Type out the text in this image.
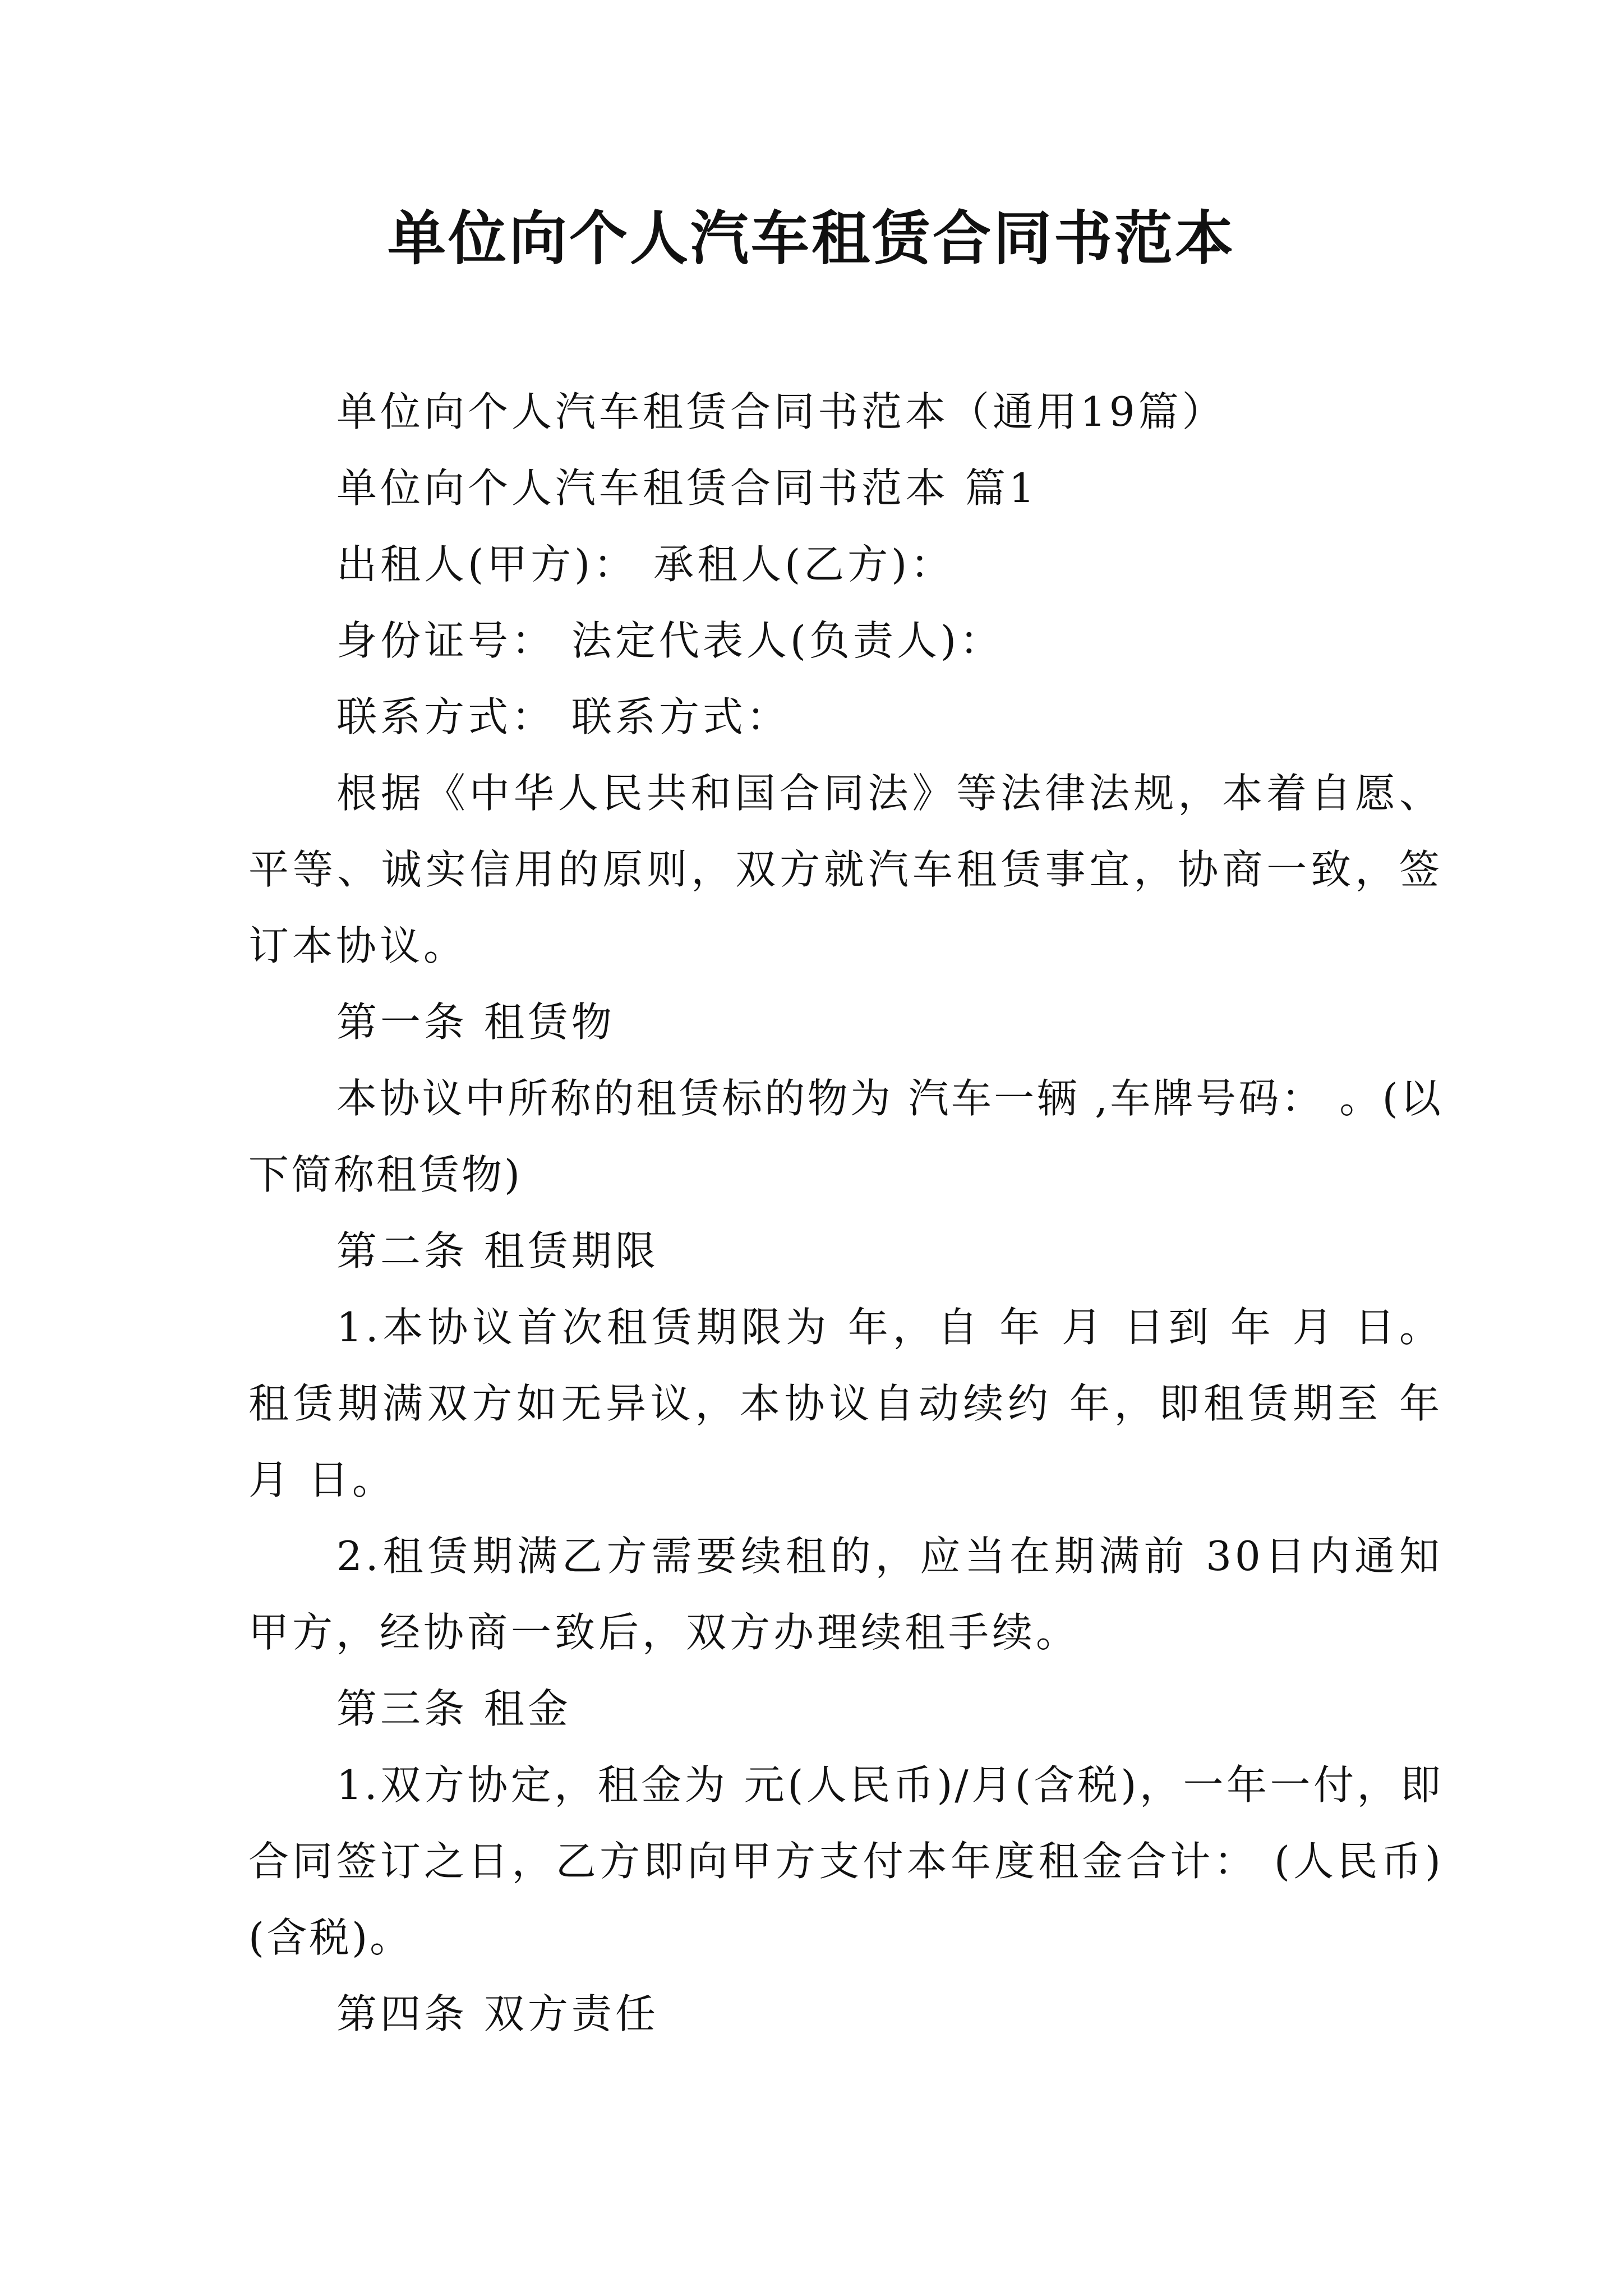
单位向个人汽车租赁合同书范本

单位向个人汽车租赁合同书范本（通用19篇）

单位向个人汽车租赁合同书范本 篇1

出租人(甲方)： 承租人(乙方)：

身份证号： 法定代表人(负责人)：

联系方式： 联系方式：

根据《中华人民共和国合同法》等法律法规，本着自愿、平等、诚实信用的原则，双方就汽车租赁事宜，协商一致，签订本协议。

第一条 租赁物

本协议中所称的租赁标的物为 汽车一辆 ,车牌号码： 。(以下简称租赁物)

第二条 租赁期限

1.本协议首次租赁期限为 年，自 年 月 日到 年 月 日。租赁期满双方如无异议，本协议自动续约 年，即租赁期至 年 月 日。

2.租赁期满乙方需要续租的，应当在期满前 30日内通知甲方，经协商一致后，双方办理续租手续。

第三条 租金

1.双方协定，租金为 元(人民币)/月(含税)，一年一付，即合同签订之日，乙方即向甲方支付本年度租金合计： (人民币)(含税)。

第四条 双方责任
